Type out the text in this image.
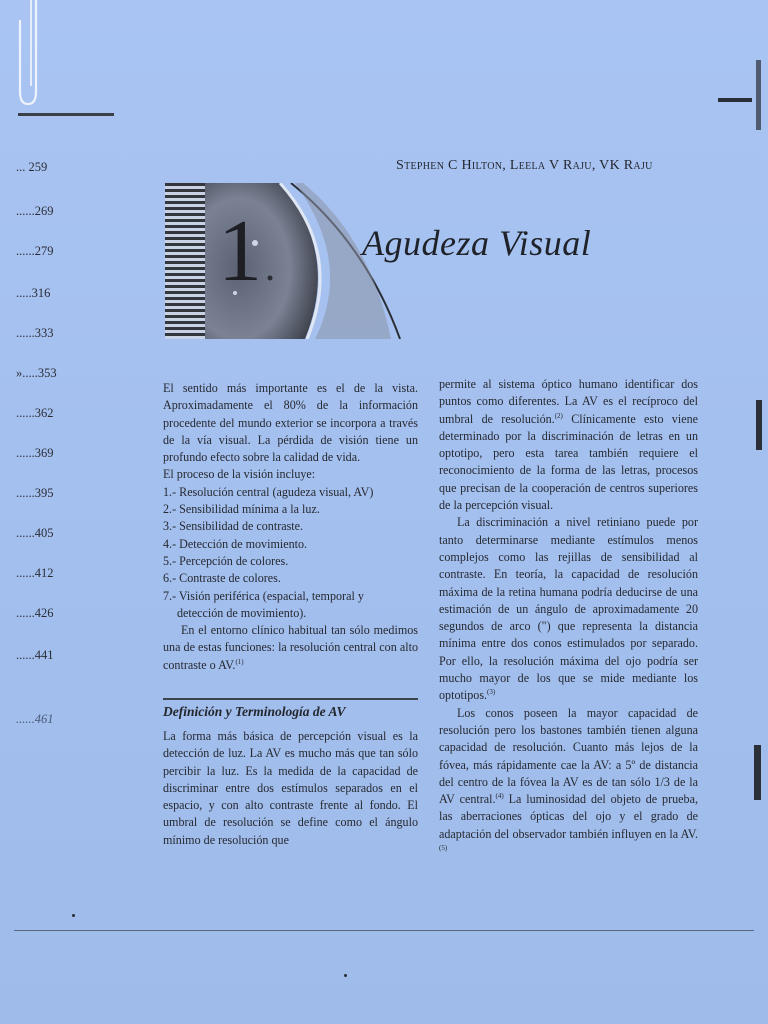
... 259
......269
......279
.....316
......333
».....353
......362
......369
......395
......405
......412
......426
......441
......461
Stephen C Hilton, Leela V Raju, VK Raju
1	Agudeza Visual

El sentido más importante es el de la vista. Aproximadamente el 80% de la información procedente del mundo exterior se incorpora a través de la vía visual. La pérdida de visión tiene un profundo efecto sobre la calidad de vida.

El proceso de la visión incluye:

1.- Resolución central (agudeza visual, AV)
2.- Sensibilidad mínima a la luz.
3.- Sensibilidad de contraste.
4.- Detección de movimiento.
5.- Percepción de colores.
6.- Contraste de colores.
7.- Visión periférica (espacial, temporal y
detección de movimiento).

En el entorno clínico habitual tan sólo medimos una de estas funciones: la resolución central con alto contraste o AV.$^{(1)}$

Definición y Terminología de AV

La forma más básica de percepción visual es la detección de luz. La AV es mucho más que tan sólo percibir la luz. Es la medida de la capacidad de discriminar entre dos estímulos separados en el espacio, y con alto contraste frente al fondo. El umbral de resolución se define como el ángulo mínimo de resolución que

permite al sistema óptico humano identificar dos puntos como diferentes. La AV es el recíproco del umbral de resolución.$^{(2)}$ Clínicamente esto viene determinado por la discriminación de letras en un optotipo, pero esta tarea también requiere el reconocimiento de la forma de las letras, procesos que precisan de la cooperación de centros superiores de la percepción visual.

La discriminación a nivel retiniano puede por tanto determinarse mediante estímulos menos complejos como las rejillas de sensibilidad al contraste. En teoría, la capacidad de resolución máxima de la retina humana podría deducirse de una estimación de un ángulo de aproximadamente 20 segundos de arco (") que representa la distancia mínima entre dos conos estimulados por separado. Por ello, la resolución máxima del ojo podría ser mucho mayor de los que se mide mediante los optotipos.$^{(3)}$

Los conos poseen la mayor capacidad de resolución pero los bastones también tienen alguna capacidad de resolución. Cuanto más lejos de la fóvea, más rápidamente cae la AV: a 5º de distancia del centro de la fóvea la AV es de tan sólo 1/3 de la AV central.$^{(4)}$ La luminosidad del objeto de prueba, las aberraciones ópticas del ojo y el grado de adaptación del observador también influyen en la AV.$^{(5)}$
